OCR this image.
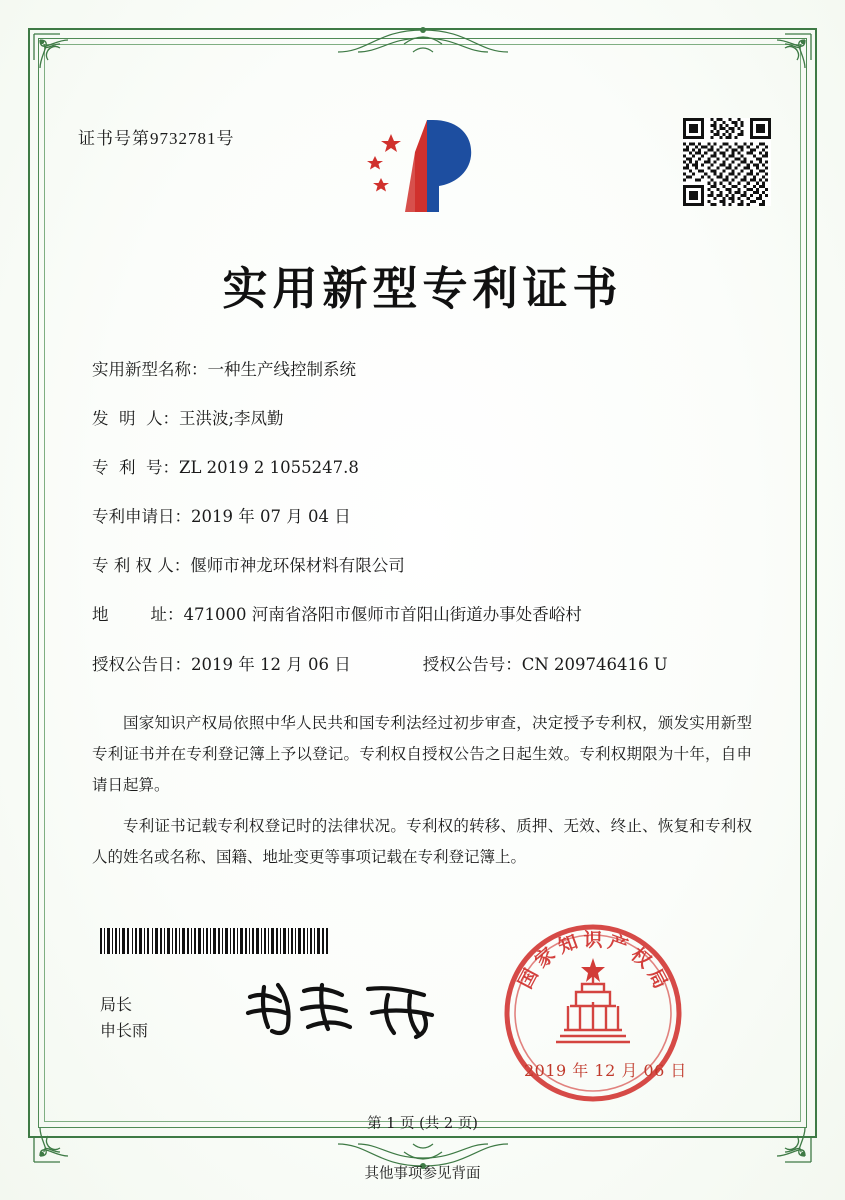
证书号第9732781号
实用新型专利证书
实用新型名称： 一种生产线控制系统
发  明  人： 王洪波;李凤勤
专  利  号： ZL 2019 2 1055247.8
专利申请日： 2019 年 07 月 04 日
专 利 权 人： 偃师市神龙环保材料有限公司
地        址： 471000 河南省洛阳市偃师市首阳山街道办事处香峪村
授权公告日：2019 年 12 月 06 日	授权公告号：CN 209746416 U

国家知识产权局依照中华人民共和国专利法经过初步审查，决定授予专利权，颁发实用新型专利证书并在专利登记簿上予以登记。专利权自授权公告之日起生效。专利权期限为十年，自申请日起算。

专利证书记载专利权登记时的法律状况。专利权的转移、质押、无效、终止、恢复和专利权人的姓名或名称、国籍、地址变更等事项记载在专利登记簿上。

局长
申长雨
国
家
知 识 产
权
局
2019 年 12 月 06 日
第 1 页 (共 2 页)
其他事项参见背面
